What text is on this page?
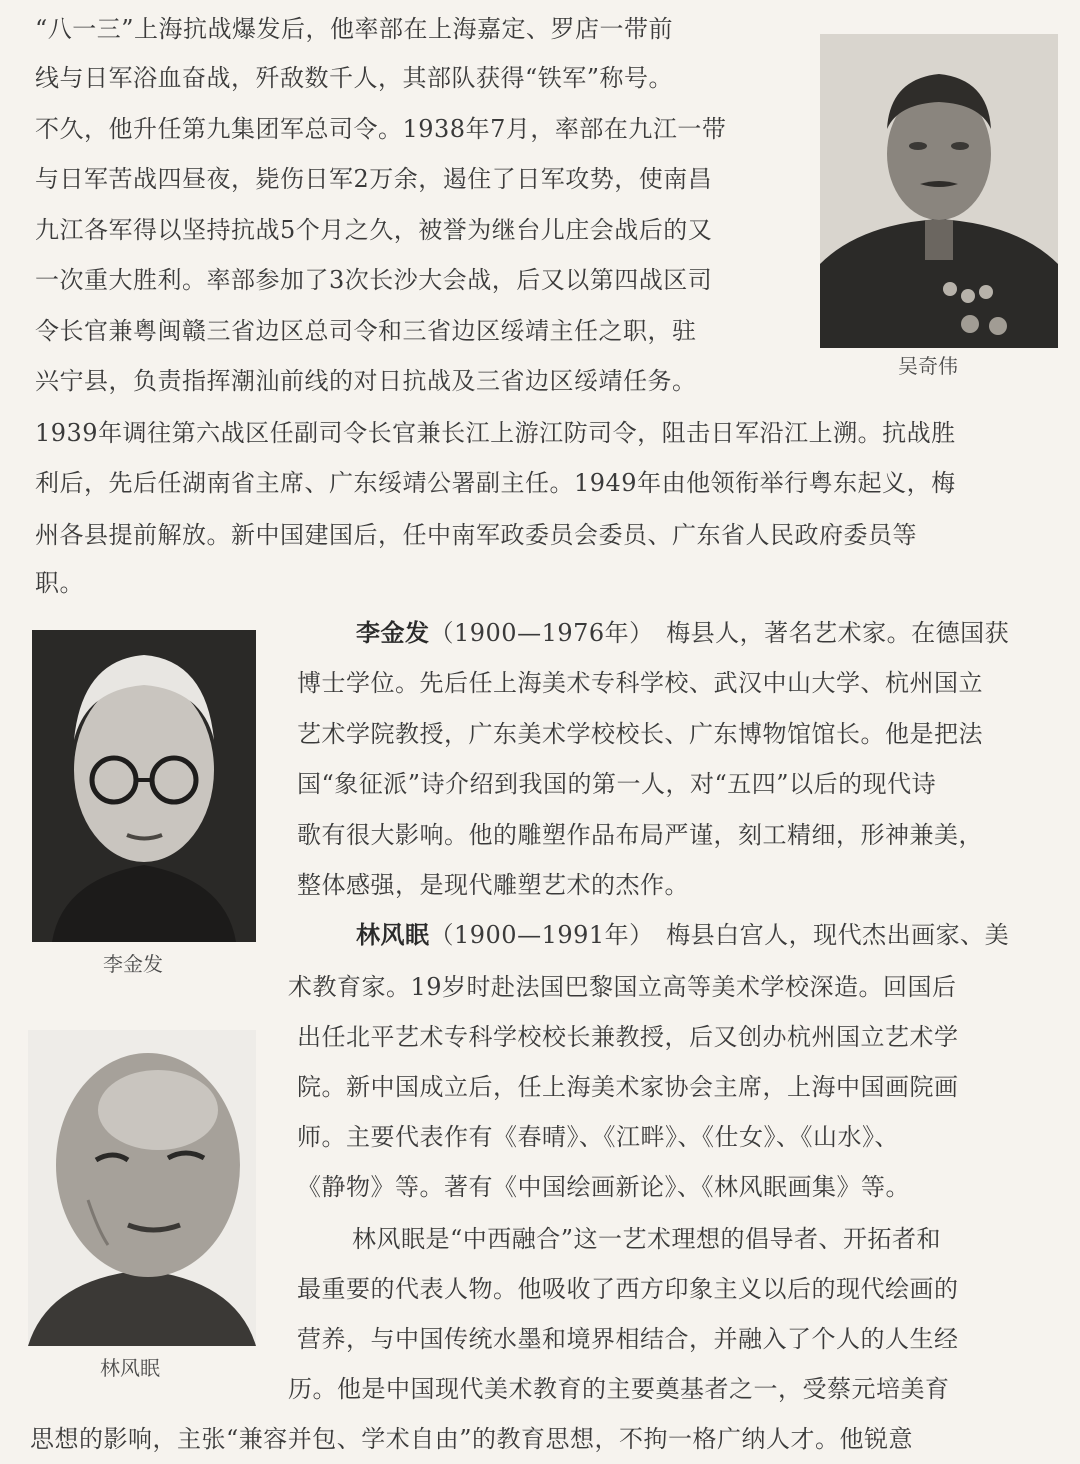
“八一三”上海抗战爆发后，他率部在上海嘉定、罗店一带前

线与日军浴血奋战，歼敌数千人，其部队获得“铁军”称号。

不久，他升任第九集团军总司令。1938年7月，率部在九江一带

与日军苦战四昼夜，毙伤日军2万余，遏住了日军攻势，使南昌

九江各军得以坚持抗战5个月之久，被誉为继台儿庄会战后的又

一次重大胜利。率部参加了3次长沙大会战，后又以第四战区司

令长官兼粤闽赣三省边区总司令和三省边区绥靖主任之职，驻

兴宁县，负责指挥潮汕前线的对日抗战及三省边区绥靖任务。

1939年调往第六战区任副司令长官兼长江上游江防司令，阻击日军沿江上溯。抗战胜

利后，先后任湖南省主席、广东绥靖公署副主任。1949年由他领衔举行粤东起义，梅

州各县提前解放。新中国建国后，任中南军政委员会委员、广东省人民政府委员等

职。

吴奇伟

李金发

林风眠

李金发（1900—1976年）　梅县人，著名艺术家。在德国获

博士学位。先后任上海美术专科学校、武汉中山大学、杭州国立

艺术学院教授，广东美术学校校长、广东博物馆馆长。他是把法

国“象征派”诗介绍到我国的第一人，对“五四”以后的现代诗

歌有很大影响。他的雕塑作品布局严谨，刻工精细，形神兼美，

整体感强，是现代雕塑艺术的杰作。

林风眠（1900—1991年）　梅县白宫人，现代杰出画家、美

术教育家。19岁时赴法国巴黎国立高等美术学校深造。回国后

出任北平艺术专科学校校长兼教授，后又创办杭州国立艺术学

院。新中国成立后，任上海美术家协会主席，上海中国画院画

师。主要代表作有《春晴》、《江畔》、《仕女》、《山水》、

《静物》等。著有《中国绘画新论》、《林风眠画集》等。

林风眠是“中西融合”这一艺术理想的倡导者、开拓者和

最重要的代表人物。他吸收了西方印象主义以后的现代绘画的

营养，与中国传统水墨和境界相结合，并融入了个人的人生经

历。他是中国现代美术教育的主要奠基者之一，受蔡元培美育

思想的影响，主张“兼容并包、学术自由”的教育思想，不拘一格广纳人才。他锐意
